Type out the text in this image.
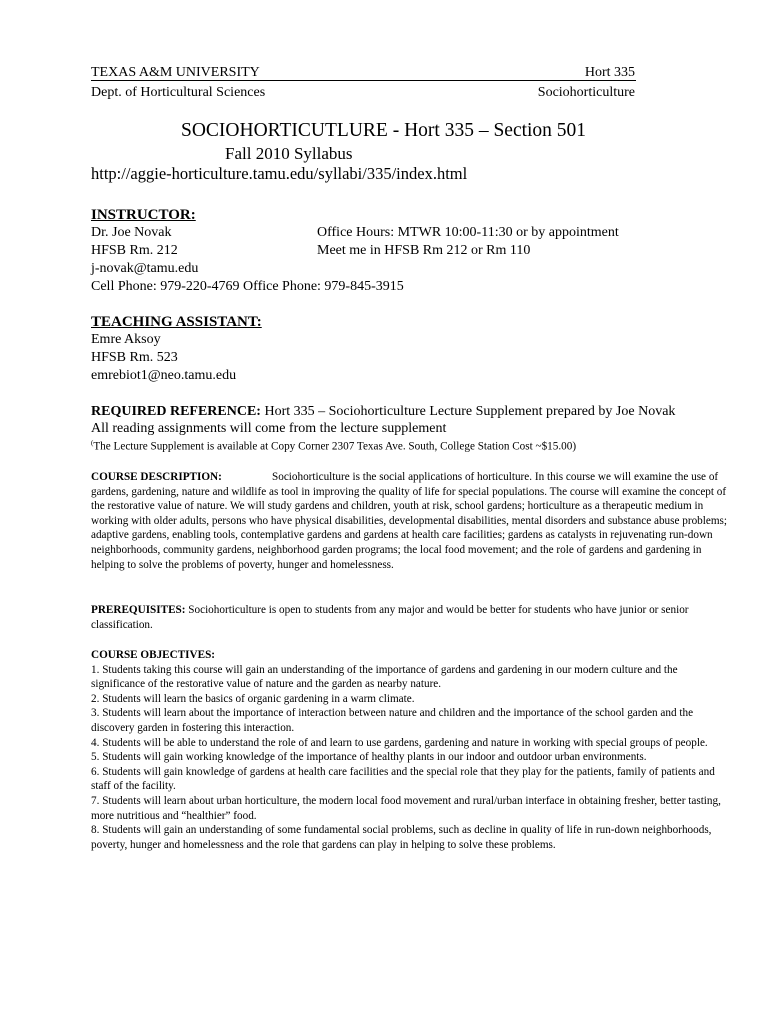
TEXAS A&M UNIVERSITY	Hort 335
Dept. of Horticultural Sciences	Sociohorticulture
SOCIOHORTICUTLURE - Hort 335 – Section 501
Fall 2010 Syllabus
http://aggie-horticulture.tamu.edu/syllabi/335/index.html
INSTRUCTOR:
Dr. Joe Novak	Office Hours: MTWR 10:00-11:30 or by appointment
HFSB Rm. 212	Meet me in HFSB Rm 212 or Rm 110
j-novak@tamu.edu
Cell Phone: 979-220-4769 Office Phone: 979-845-3915
TEACHING ASSISTANT:
Emre Aksoy
HFSB Rm. 523
emrebiot1@neo.tamu.edu
REQUIRED REFERENCE: Hort 335 – Sociohorticulture Lecture Supplement prepared by Joe Novak
All reading assignments will come from the lecture supplement
(The Lecture Supplement is available at Copy Corner 2307 Texas Ave. South, College Station Cost ~$15.00)
COURSE DESCRIPTION:	Sociohorticulture is the social applications of horticulture. In this course we will examine the use of gardens, gardening, nature and wildlife as tool in improving the quality of life for special populations. The course will examine the concept of the restorative value of nature. We will study gardens and children, youth at risk, school gardens; horticulture as a therapeutic medium in working with older adults, persons who have physical disabilities, developmental disabilities, mental disorders and substance abuse problems; adaptive gardens, enabling tools, contemplative gardens and gardens at health care facilities; gardens as catalysts in rejuvenating run-down neighborhoods, community gardens, neighborhood garden programs; the local food movement; and the role of gardens and gardening in helping to solve the problems of poverty, hunger and homelessness.
PREREQUISITES: Sociohorticulture is open to students from any major and would be better for students who have junior or senior classification.
COURSE OBJECTIVES:
1. Students taking this course will gain an understanding of the importance of gardens and gardening in our modern culture and the significance of the restorative value of nature and the garden as nearby nature.
2. Students will learn the basics of organic gardening in a warm climate.
3. Students will learn about the importance of interaction between nature and children and the importance of the school garden and the discovery garden in fostering this interaction.
4. Students will be able to understand the role of and learn to use gardens, gardening and nature in working with special groups of people.
5. Students will gain working knowledge of the importance of healthy plants in our indoor and outdoor urban environments.
6. Students will gain knowledge of gardens at health care facilities and the special role that they play for the patients, family of patients and staff of the facility.
7. Students will learn about urban horticulture, the modern local food movement and rural/urban interface in obtaining fresher, better tasting, more nutritious and “healthier” food.
8. Students will gain an understanding of some fundamental social problems, such as decline in quality of life in run-down neighborhoods, poverty, hunger and homelessness and the role that gardens can play in helping to solve these problems.
